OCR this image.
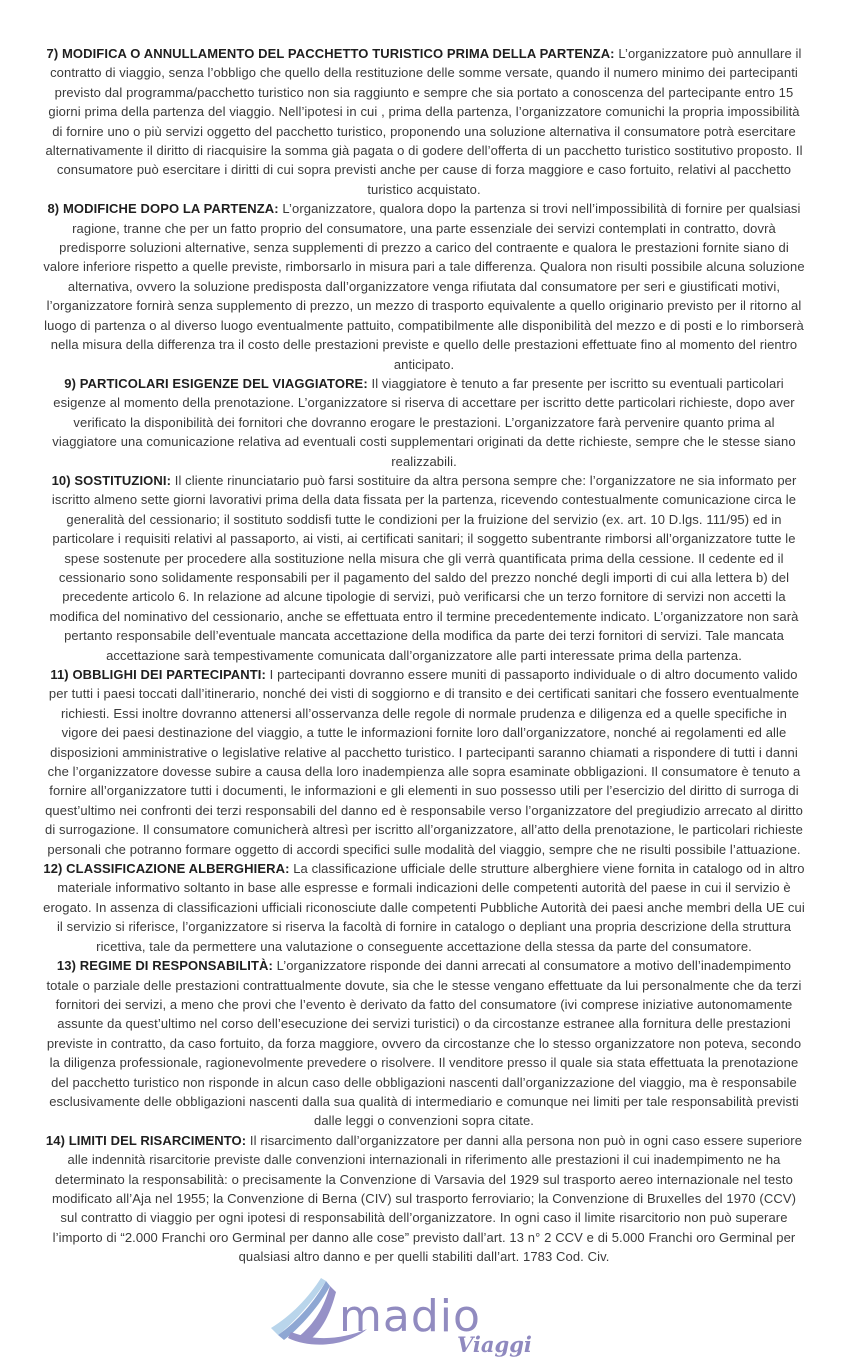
7) MODIFICA O ANNULLAMENTO DEL PACCHETTO TURISTICO PRIMA DELLA PARTENZA: L’organizzatore può annullare il contratto di viaggio, senza l’obbligo che quello della restituzione delle somme versate, quando il numero minimo dei partecipanti previsto dal programma/pacchetto turistico non sia raggiunto e sempre che sia portato a conoscenza del partecipante entro 15 giorni prima della partenza del viaggio. Nell’ipotesi in cui , prima della partenza, l’organizzatore comunichi la propria impossibilità di fornire uno o più servizi oggetto del pacchetto turistico, proponendo una soluzione alternativa il consumatore potrà esercitare alternativamente il diritto di riacquisire la somma già pagata o di godere dell’offerta di un pacchetto turistico sostitutivo proposto. Il consumatore può esercitare i diritti di cui sopra previsti anche per cause di forza maggiore e caso fortuito, relativi al pacchetto turistico acquistato.

8) MODIFICHE DOPO LA PARTENZA: L’organizzatore, qualora dopo la partenza si trovi nell’impossibilità di fornire per qualsiasi ragione, tranne che per un fatto proprio del consumatore, una parte essenziale dei servizi contemplati in contratto, dovrà predisporre soluzioni alternative, senza supplementi di prezzo a carico del contraente e qualora le prestazioni fornite siano di valore inferiore rispetto a quelle previste, rimborsarlo in misura pari a tale differenza. Qualora non risulti possibile alcuna soluzione alternativa, ovvero la soluzione predisposta dall’organizzatore venga rifiutata dal consumatore per seri e giustificati motivi, l’organizzatore fornirà senza supplemento di prezzo, un mezzo di trasporto equivalente a quello originario previsto per il ritorno al luogo di partenza o al diverso luogo eventualmente pattuito, compatibilmente alle disponibilità del mezzo e di posti e lo rimborserà nella misura della differenza tra il costo delle prestazioni previste e quello delle prestazioni effettuate fino al momento del rientro anticipato.

9) PARTICOLARI ESIGENZE DEL VIAGGIATORE: Il viaggiatore è tenuto a far presente per iscritto su eventuali particolari esigenze al momento della prenotazione. L’organizzatore si riserva di accettare per iscritto dette particolari richieste, dopo aver verificato la disponibilità dei fornitori che dovranno erogare le prestazioni. L’organizzatore farà pervenire quanto prima al viaggiatore una comunicazione relativa ad eventuali costi supplementari originati da dette richieste, sempre che le stesse siano realizzabili.

10) SOSTITUZIONI: Il cliente rinunciatario può farsi sostituire da altra persona sempre che: l’organizzatore ne sia informato per iscritto almeno sette giorni lavorativi prima della data fissata per la partenza, ricevendo contestualmente comunicazione circa le generalità del cessionario; il sostituto soddisfi tutte le condizioni per la fruizione del servizio (ex. art. 10 D.lgs. 111/95) ed in particolare i requisiti relativi al passaporto, ai visti, ai certificati sanitari; il soggetto subentrante rimborsi all’organizzatore tutte le spese sostenute per procedere alla sostituzione nella misura che gli verrà quantificata prima della cessione. Il cedente ed il cessionario sono solidamente responsabili per il pagamento del saldo del prezzo nonché degli importi di cui alla lettera b) del precedente articolo 6. In relazione ad alcune tipologie di servizi, può verificarsi che un terzo fornitore di servizi non accetti la modifica del nominativo del cessionario, anche se effettuata entro il termine precedentemente indicato. L’organizzatore non sarà pertanto responsabile dell’eventuale mancata accettazione della modifica da parte dei terzi fornitori di servizi. Tale mancata accettazione sarà tempestivamente comunicata dall’organizzatore alle parti interessate prima della partenza.

11) OBBLIGHI DEI PARTECIPANTI: I partecipanti dovranno essere muniti di passaporto individuale o di altro documento valido per tutti i paesi toccati dall’itinerario, nonché dei visti di soggiorno e di transito e dei certificati sanitari che fossero eventualmente richiesti. Essi inoltre dovranno attenersi all’osservanza delle regole di normale prudenza e diligenza ed a quelle specifiche in vigore dei paesi destinazione del viaggio, a tutte le informazioni fornite loro dall’organizzatore, nonché ai regolamenti ed alle disposizioni amministrative o legislative relative al pacchetto turistico. I partecipanti saranno chiamati a rispondere di tutti i danni che l’organizzatore dovesse subire a causa della loro inadempienza alle sopra esaminate obbligazioni. Il consumatore è tenuto a fornire all’organizzatore tutti i documenti, le informazioni e gli elementi in suo possesso utili per l’esercizio del diritto di surroga di quest’ultimo nei confronti dei terzi responsabili del danno ed è responsabile verso l’organizzatore del pregiudizio arrecato al diritto di surrogazione. Il consumatore comunicherà altresì per iscritto all’organizzatore, all’atto della prenotazione, le particolari richieste personali che potranno formare oggetto di accordi specifici sulle modalità del viaggio, sempre che ne risulti possibile l’attuazione.

12) CLASSIFICAZIONE ALBERGHIERA: La classificazione ufficiale delle strutture alberghiere viene fornita in catalogo od in altro materiale informativo soltanto in base alle espresse e formali indicazioni delle competenti autorità del paese in cui il servizio è erogato. In assenza di classificazioni ufficiali riconosciute dalle competenti Pubbliche Autorità dei paesi anche membri della UE cui il servizio si riferisce, l’organizzatore si riserva la facoltà di fornire in catalogo o depliant una propria descrizione della struttura ricettiva, tale da permettere una valutazione o conseguente accettazione della stessa da parte del consumatore.

13) REGIME DI RESPONSABILITÀ: L’organizzatore risponde dei danni arrecati al consumatore a motivo dell’inadempimento totale o parziale delle prestazioni contrattualmente dovute, sia che le stesse vengano effettuate da lui personalmente che da terzi fornitori dei servizi, a meno che provi che l’evento è derivato da fatto del consumatore (ivi comprese iniziative autonomamente assunte da quest’ultimo nel corso dell’esecuzione dei servizi turistici) o da circostanze estranee alla fornitura delle prestazioni previste in contratto, da caso fortuito, da forza maggiore, ovvero da circostanze che lo stesso organizzatore non poteva, secondo la diligenza professionale, ragionevolmente prevedere o risolvere. Il venditore presso il quale sia stata effettuata la prenotazione del pacchetto turistico non risponde in alcun caso delle obbligazioni nascenti dall’organizzazione del viaggio, ma è responsabile esclusivamente delle obbligazioni nascenti dalla sua qualità di intermediario e comunque nei limiti per tale responsabilità previsti dalle leggi o convenzioni sopra citate.

14) LIMITI DEL RISARCIMENTO: Il risarcimento dall’organizzatore per danni alla persona non può in ogni caso essere superiore alle indennità risarcitorie previste dalle convenzioni internazionali in riferimento alle prestazioni il cui inadempimento ne ha determinato la responsabilità: o precisamente la Convenzione di Varsavia del 1929 sul trasporto aereo internazionale nel testo modificato all’Aja nel 1955; la Convenzione di Berna (CIV) sul trasporto ferroviario; la Convenzione di Bruxelles del 1970 (CCV) sul contratto di viaggio per ogni ipotesi di responsabilità dell’organizzatore. In ogni caso il limite risarcitorio non può superare l’importo di “2.000 Franchi oro Germinal per danno alle cose” previsto dall’art. 13 n° 2 CCV e di 5.000 Franchi oro Germinal per qualsiasi altro danno e per quelli stabiliti dall’art. 1783 Cod. Civ.

madio
Viaggi
